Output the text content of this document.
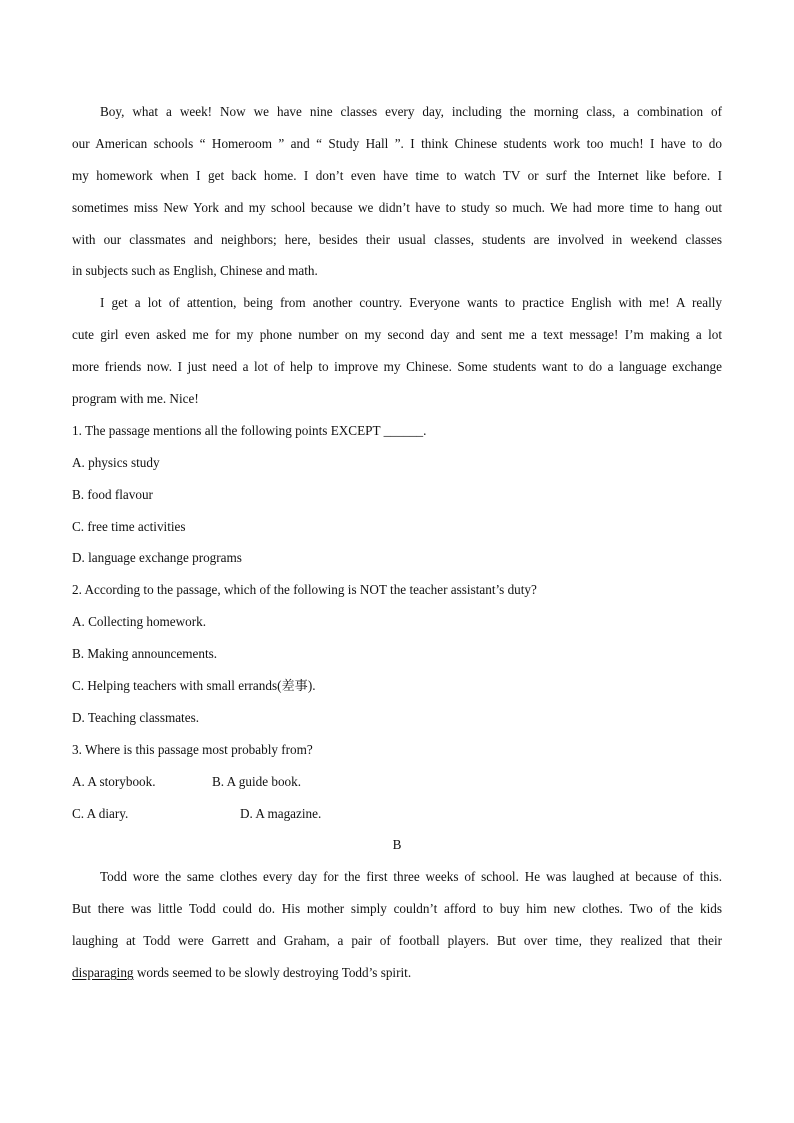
Boy, what a week! Now we have nine classes every day, including the morning class, a combination of
our American schools “ Homeroom ” and “ Study Hall ”. I think Chinese students work too much! I have to do
my homework when I get back home. I don’t even have time to watch TV or surf the Internet like before. I
sometimes miss New York and my school because we didn’t have to study so much. We had more time to hang out
with our classmates and neighbors; here, besides their usual classes, students are involved in weekend classes
in subjects such as English, Chinese and math.
I get a lot of attention, being from another country. Everyone wants to practice English with me! A really
cute girl even asked me for my phone number on my second day and sent me a text message! I’m making a lot
more friends now. I just need a lot of help to improve my Chinese. Some students want to do a language exchange
program with me. Nice!
1. The passage mentions all the following points EXCEPT ______.
A. physics study
B. food flavour
C. free time activities
D. language exchange programs
2. According to the passage, which of the following is NOT the teacher assistant’s duty?
A. Collecting homework.
B. Making announcements.
C. Helping teachers with small errands(差事).
D. Teaching classmates.
3. Where is this passage most probably from?
A. A storybook.	B. A guide book.
C. A diary.	D. A magazine.
B
Todd wore the same clothes every day for the first three weeks of school. He was laughed at because of this.
But there was little Todd could do. His mother simply couldn’t afford to buy him new clothes. Two of the kids
laughing at Todd were Garrett and Graham, a pair of football players. But over time, they realized that their
disparaging words seemed to be slowly destroying Todd’s spirit.
